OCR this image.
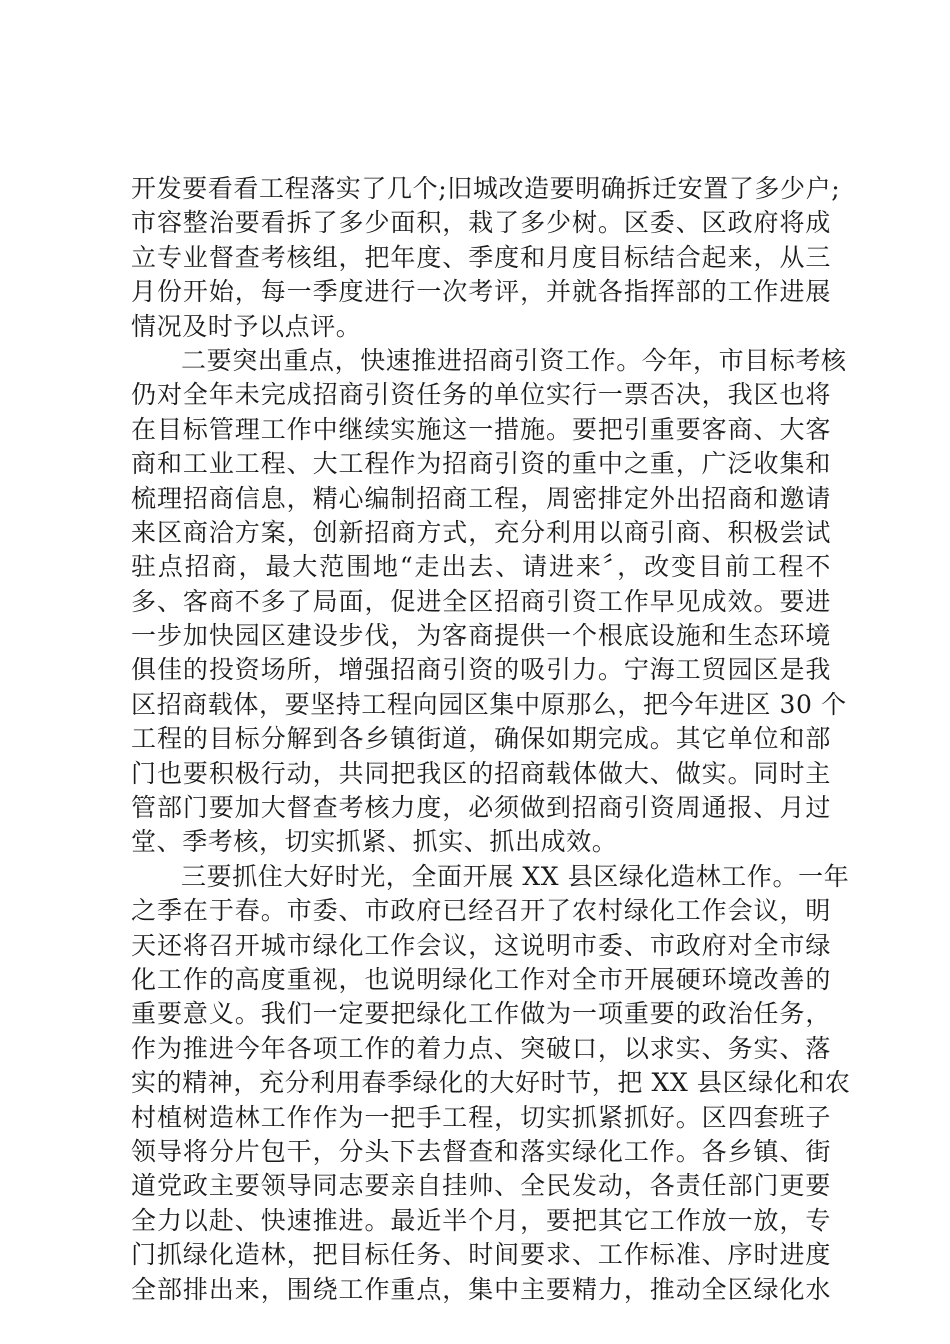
开发要看看工程落实了几个;旧城改造要明确拆迁安置了多少户;
市容整治要看拆了多少面积，栽了多少树。区委、区政府将成
立专业督查考核组，把年度、季度和月度目标结合起来，从三
月份开始，每一季度进行一次考评，并就各指挥部的工作进展
情况及时予以点评。
二要突出重点，快速推进招商引资工作。今年，市目标考核
仍对全年未完成招商引资任务的单位实行一票否决，我区也将
在目标管理工作中继续实施这一措施。要把引重要客商、大客
商和工业工程、大工程作为招商引资的重中之重，广泛收集和
梳理招商信息，精心编制招商工程，周密排定外出招商和邀请
来区商洽方案，创新招商方式，充分利用以商引商、积极尝试
驻点招商，最大范围地“走出去、请进来〞，改变目前工程不
多、客商不多了局面，促进全区招商引资工作早见成效。要进
一步加快园区建设步伐，为客商提供一个根底设施和生态环境
俱佳的投资场所，增强招商引资的吸引力。宁海工贸园区是我
区招商载体，要坚持工程向园区集中原那么，把今年进区 30 个
工程的目标分解到各乡镇街道，确保如期完成。其它单位和部
门也要积极行动，共同把我区的招商载体做大、做实。同时主
管部门要加大督查考核力度，必须做到招商引资周通报、月过
堂、季考核，切实抓紧、抓实、抓出成效。
三要抓住大好时光，全面开展 XX 县区绿化造林工作。一年
之季在于春。市委、市政府已经召开了农村绿化工作会议，明
天还将召开城市绿化工作会议，这说明市委、市政府对全市绿
化工作的高度重视，也说明绿化工作对全市开展硬环境改善的
重要意义。我们一定要把绿化工作做为一项重要的政治任务，
作为推进今年各项工作的着力点、突破口，以求实、务实、落
实的精神，充分利用春季绿化的大好时节，把 XX 县区绿化和农
村植树造林工作作为一把手工程，切实抓紧抓好。区四套班子
领导将分片包干，分头下去督查和落实绿化工作。各乡镇、街
道党政主要领导同志要亲自挂帅、全民发动，各责任部门更要
全力以赴、快速推进。最近半个月，要把其它工作放一放，专
门抓绿化造林，把目标任务、时间要求、工作标准、序时进度
全部排出来，围绕工作重点，集中主要精力，推动全区绿化水
